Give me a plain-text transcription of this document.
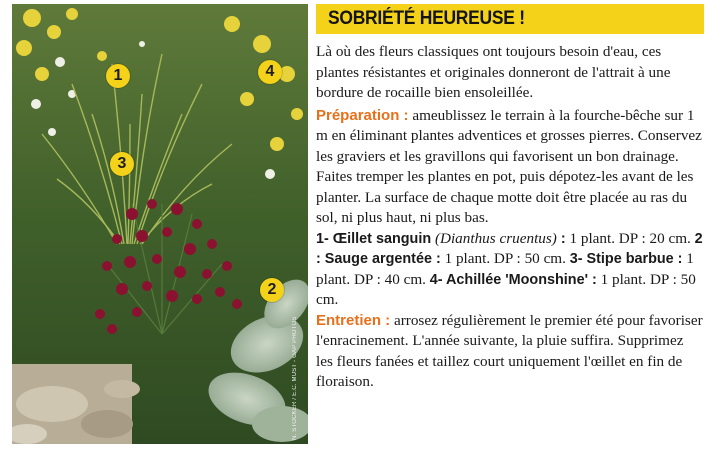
1
2
3
4
N. STOCKER / E.C. MUST - GAP PHOTOS
SOBRIÉTÉ HEUREUSE !

Là où des fleurs classiques ont toujours besoin d'eau, ces plantes résistantes et originales donneront de l'attrait à une bordure de rocaille bien ensoleillée.

Préparation : ameublissez le terrain à la fourche-bêche sur 1 m en éliminant plantes adventices et grosses pierres. Conservez les graviers et les gravillons qui favorisent un bon drainage. Faites tremper les plantes en pot, puis dépotez-les avant de les planter. La surface de chaque motte doit être placée au ras du sol, ni plus haut, ni plus bas.

1- Œillet sanguin (Dianthus cruentus) : 1 plant. DP : 20 cm. 2 : Sauge argentée : 1 plant. DP : 50 cm. 3- Stipe barbue : 1 plant. DP : 40 cm. 4- Achillée 'Moonshine' : 1 plant. DP : 50 cm.

Entretien : arrosez régulièrement le premier été pour favoriser l'enracinement. L'année suivante, la pluie suffira. Supprimez les fleurs fanées et taillez court uniquement l'œillet en fin de floraison.
